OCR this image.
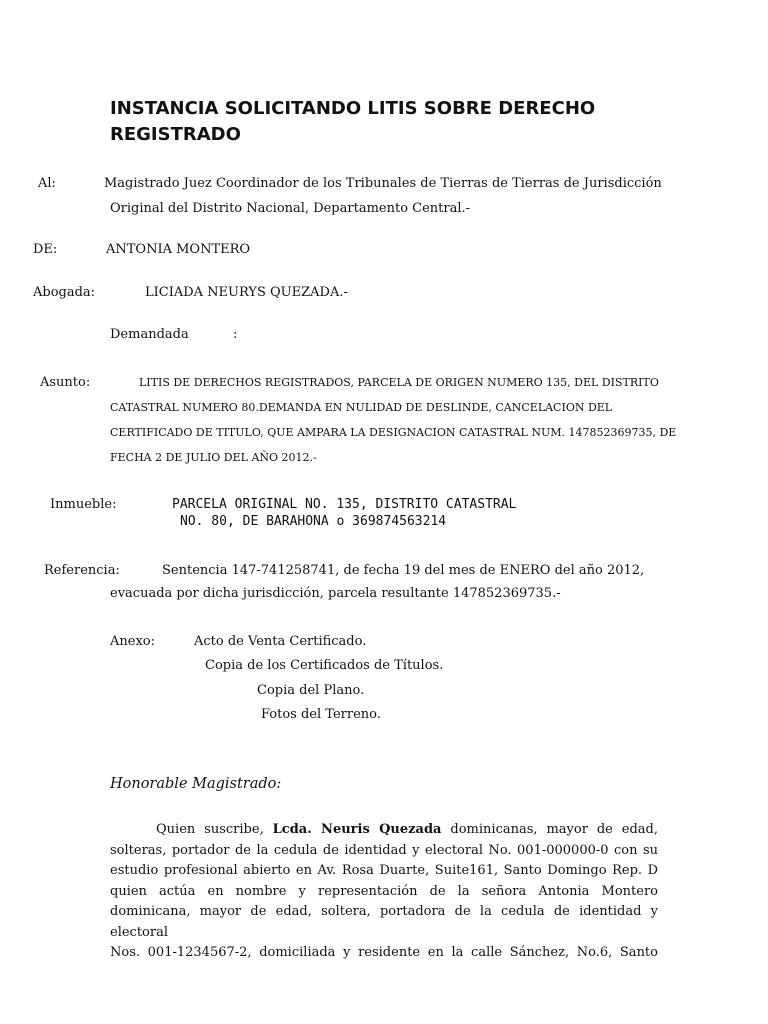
INSTANCIA SOLICITANDO LITIS SOBRE DERECHO
REGISTRADO
Al:	Magistrado Juez Coordinador de los Tribunales de Tierras de Tierras de Jurisdicción
Original del Distrito Nacional, Departamento Central.-
DE:	ANTONIA MONTERO
Abogada:	LICIADA NEURYS QUEZADA.-
Demandada	:
Asunto:	LITIS DE DERECHOS REGISTRADOS, PARCELA DE ORIGEN NUMERO 135, DEL DISTRITO
CATASTRAL NUMERO 80.DEMANDA EN NULIDAD DE DESLINDE, CANCELACION DEL
CERTIFICADO DE TITULO, QUE AMPARA LA DESIGNACION CATASTRAL NUM. 147852369735, DE
FECHA 2 DE JULIO DEL AÑO 2012.-
Inmueble:	PARCELA ORIGINAL NO. 135, DISTRITO CATASTRAL
NO. 80, DE BARAHONA o 369874563214
Referencia:	Sentencia 147-741258741, de fecha 19 del mes de ENERO del año 2012,
evacuada por dicha jurisdicción, parcela resultante 147852369735.-
Anexo:	Acto de Venta Certificado.
Copia de los Certificados de Títulos.
Copia del Plano.
Fotos del Terreno.
Honorable Magistrado:
Quien suscribe, Lcda. Neuris Quezada dominicanas, mayor de edad,
solteras, portador de la cedula de identidad y electoral No. 001-000000-0 con su
estudio profesional abierto en Av. Rosa Duarte, Suite161, Santo Domingo Rep. D
quien actúa en nombre y representación de la señora Antonia Montero
dominicana, mayor de edad, soltera, portadora de la cedula de identidad y electoral
Nos. 001-1234567-2, domiciliada y residente en la calle Sánchez, No.6, Santo
